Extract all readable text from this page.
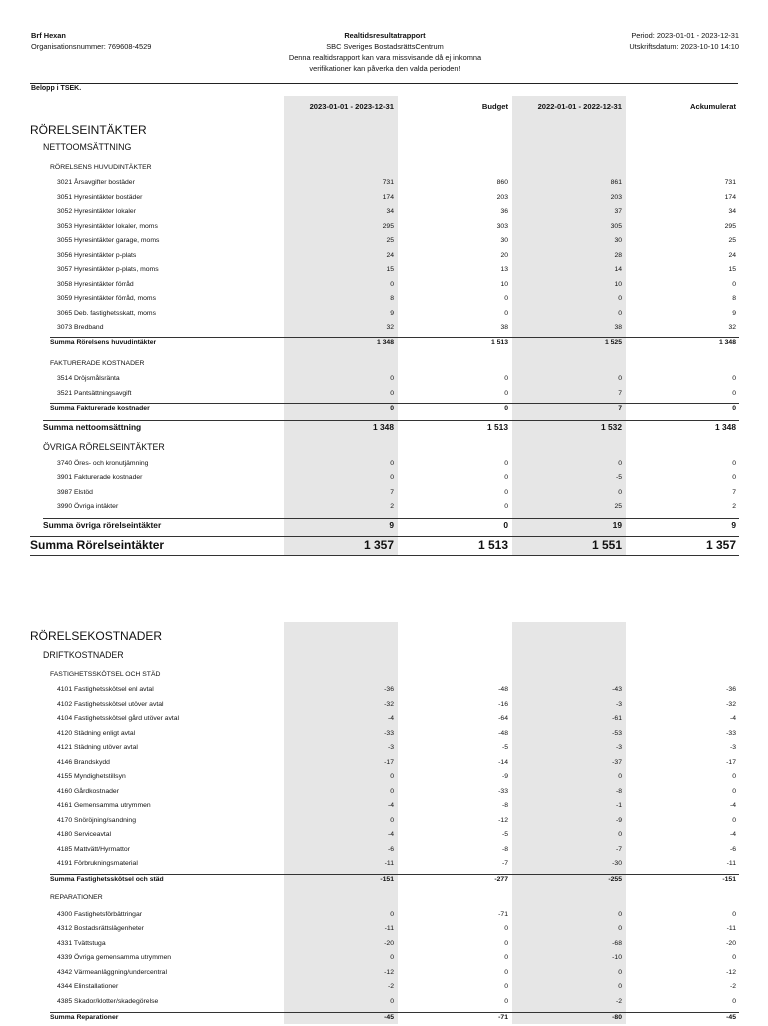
Brf Hexan
Organisationsnummer: 769608-4529
Realtidsresultatrapport
SBC Sveriges BostadsrättsCentrum
Denna realtidsrapport kan vara missvisande då ej inkomna
verifikationer kan påverka den valda perioden!
Period: 2023-01-01 - 2023-12-31
Utskriftsdatum: 2023-10-10 14:10
Belopp i TSEK.
2023-01-01 - 2023-12-31	Budget	2022-01-01 - 2022-12-31	Ackumulerat
RÖRELSEINTÄKTER
NETTOOMSÄTTNING
RÖRELSENS HUVUDINTÄKTER
3021 Årsavgifter bostäder	731	860	861	731
3051 Hyresintäkter bostäder	174	203	203	174
3052 Hyresintäkter lokaler	34	36	37	34
3053 Hyresintäkter lokaler, moms	295	303	305	295
3055 Hyresintäkter garage, moms	25	30	30	25
3056 Hyresintäkter p-plats	24	20	28	24
3057 Hyresintäkter p-plats, moms	15	13	14	15
3058 Hyresintäkter förråd	0	10	10	0
3059 Hyresintäkter förråd, moms	8	0	0	8
3065 Deb. fastighetsskatt, moms	9	0	0	9
3073 Bredband	32	38	38	32
Summa Rörelsens huvudintäkter	1 348	1 513	1 525	1 348
FAKTURERADE KOSTNADER
3514 Dröjsmålsränta	0	0	0	0
3521 Pantsättningsavgift	0	0	7	0
Summa Fakturerade kostnader	0	0	7	0
Summa nettoomsättning	1 348	1 513	1 532	1 348
ÖVRIGA RÖRELSEINTÄKTER
3740 Öres- och kronutjämning	0	0	0	0
3901 Fakturerade kostnader	0	0	-5	0
3987 Elstöd	7	0	0	7
3990 Övriga intäkter	2	0	25	2
Summa övriga rörelseintäkter	9	0	19	9
Summa Rörelseintäkter	1 357	1 513	1 551	1 357
RÖRELSEKOSTNADER
DRIFTKOSTNADER
FASTIGHETSSKÖTSEL OCH STÄD
4101 Fastighetsskötsel enl avtal	-36	-48	-43	-36
4102 Fastighetsskötsel utöver avtal	-32	-16	-3	-32
4104 Fastighetsskötsel gård utöver avtal	-4	-64	-61	-4
4120 Städning enligt avtal	-33	-48	-53	-33
4121 Städning utöver avtal	-3	-5	-3	-3
4146 Brandskydd	-17	-14	-37	-17
4155 Myndighetstillsyn	0	-9	0	0
4160 Gårdkostnader	0	-33	-8	0
4161 Gemensamma utrymmen	-4	-8	-1	-4
4170 Snöröjning/sandning	0	-12	-9	0
4180 Serviceavtal	-4	-5	0	-4
4185 Mattvätt/Hyrmattor	-6	-8	-7	-6
4191 Förbrukningsmaterial	-11	-7	-30	-11
Summa Fastighetsskötsel och städ	-151	-277	-255	-151
REPARATIONER
4300 Fastighetsförbättringar	0	-71	0	0
4312 Bostadsrättslägenheter	-11	0	0	-11
4331 Tvättstuga	-20	0	-68	-20
4339 Övriga gemensamma utrymmen	0	0	-10	0
4342 Värmeanläggning/undercentral	-12	0	0	-12
4344 Elinstallationer	-2	0	0	-2
4385 Skador/klotter/skadegörelse	0	0	-2	0
Summa Reparationer	-45	-71	-80	-45
